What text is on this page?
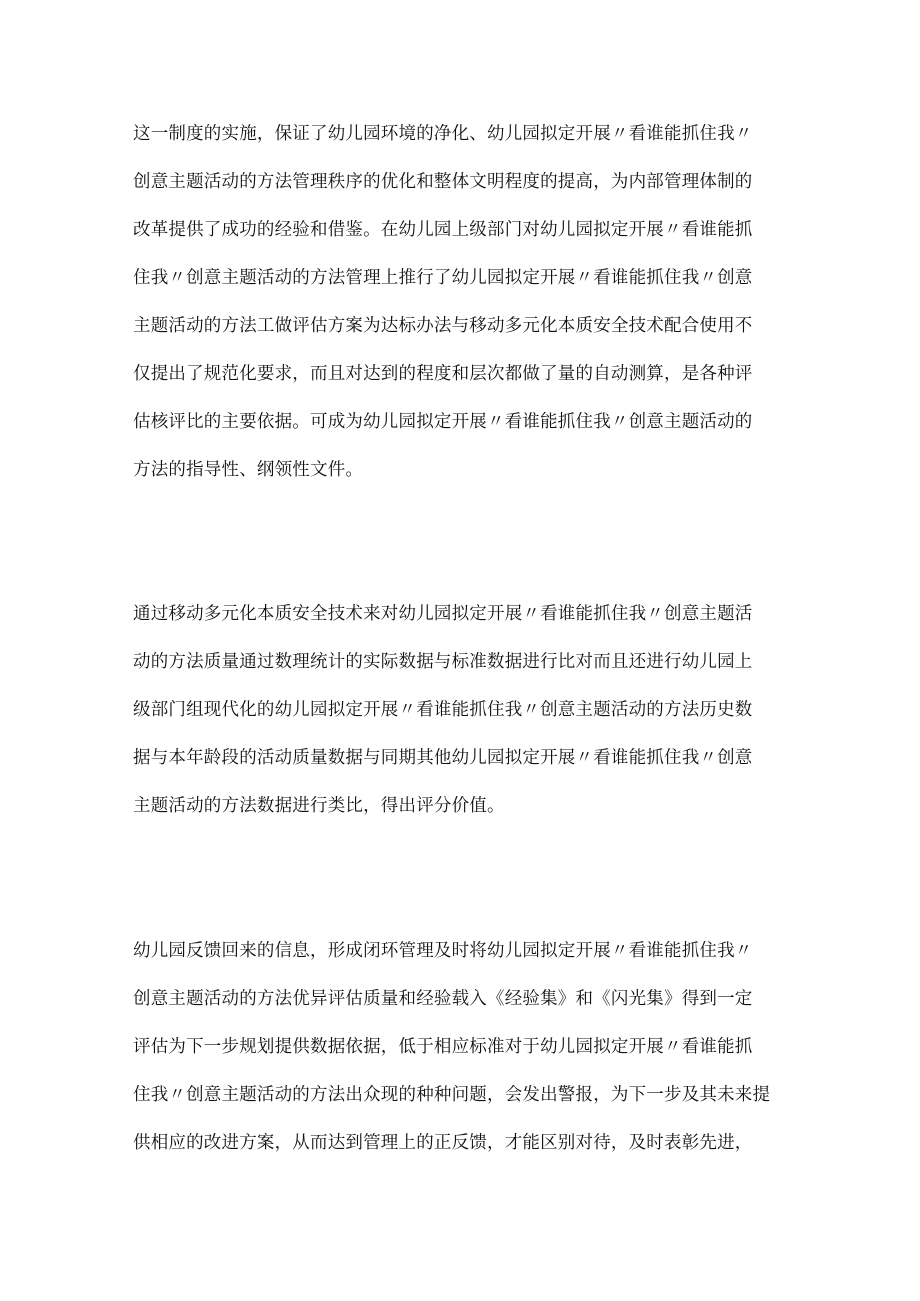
这一制度的实施，保证了幼儿园环境的净化、幼儿园拟定开展〃看谁能抓住我〃
创意主题活动的方法管理秩序的优化和整体文明程度的提高，为内部管理体制的
改革提供了成功的经验和借鉴。在幼儿园上级部门对幼儿园拟定开展〃看谁能抓
住我〃创意主题活动的方法管理上推行了幼儿园拟定开展〃看谁能抓住我〃创意
主题活动的方法工做评估方案为达标办法与移动多元化本质安全技术配合使用不
仅提出了规范化要求，而且对达到的程度和层次都做了量的自动测算，是各种评
估核评比的主要依据。可成为幼儿园拟定开展〃看谁能抓住我〃创意主题活动的
方法的指导性、纲领性文件。
通过移动多元化本质安全技术来对幼儿园拟定开展〃看谁能抓住我〃创意主题活
动的方法质量通过数理统计的实际数据与标准数据进行比对而且还进行幼儿园上
级部门组现代化的幼儿园拟定开展〃看谁能抓住我〃创意主题活动的方法历史数
据与本年龄段的活动质量数据与同期其他幼儿园拟定开展〃看谁能抓住我〃创意
主题活动的方法数据进行类比，得出评分价值。
幼儿园反馈回来的信息，形成闭环管理及时将幼儿园拟定开展〃看谁能抓住我〃
创意主题活动的方法优异评估质量和经验载入《经验集》和《闪光集》得到一定
评估为下一步规划提供数据依据，低于相应标准对于幼儿园拟定开展〃看谁能抓
住我〃创意主题活动的方法出众现的种种问题，会发出警报，为下一步及其未来提
供相应的改进方案，从而达到管理上的正反馈，才能区别对待，及时表彰先进，
